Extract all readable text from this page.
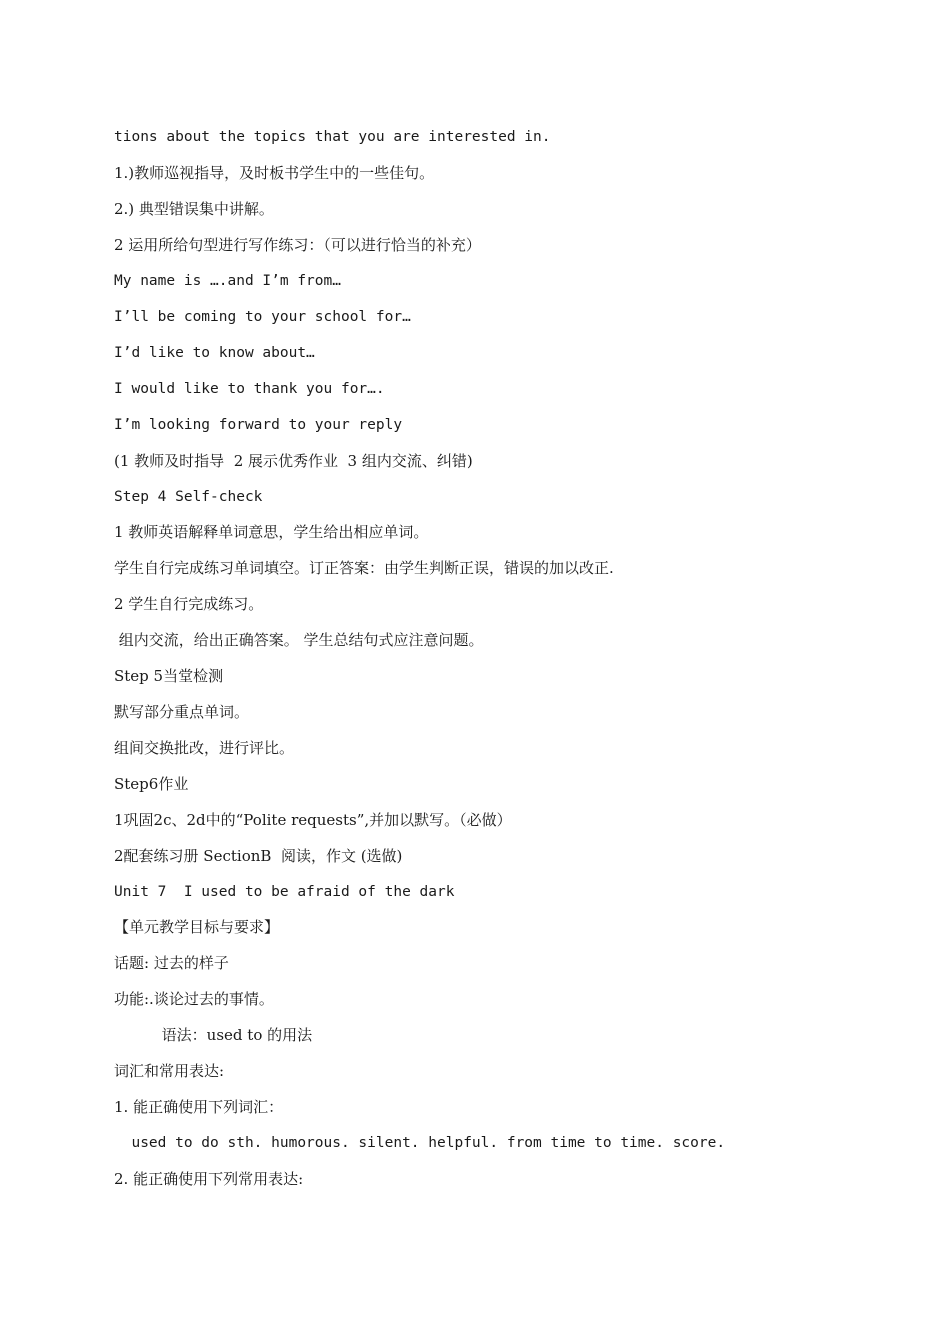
tions about the topics that you are interested in.

1.)教师巡视指导，及时板书学生中的一些佳句。

2.) 典型错误集中讲解。

2 运用所给句型进行写作练习：（可以进行恰当的补充）

My name is ….and I’m from…

I’ll be coming to your school for…

I’d like to know about…

I would like to thank you for….

I’m looking forward to your reply

(1 教师及时指导  2 展示优秀作业  3 组内交流、纠错)

Step 4 Self-check

1 教师英语解释单词意思，学生给出相应单词。

学生自行完成练习单词填空。订正答案：由学生判断正误，错误的加以改正.

2 学生自行完成练习。

组内交流，给出正确答案。 学生总结句式应注意问题。

Step 5当堂检测

默写部分重点单词。

组间交换批改，进行评比。

Step6作业

1巩固2c、2d中的“Polite requests”,并加以默写。（必做）

2配套练习册 SectionB  阅读，作文 (选做)

Unit 7  I used to be afraid of the dark

【单元教学目标与要求】

话题: 过去的样子

功能:.谈论过去的事情。

语法：used to 的用法

词汇和常用表达:

1. 能正确使用下列词汇：

used to do sth. humorous. silent. helpful. from time to time. score.

2. 能正确使用下列常用表达:
